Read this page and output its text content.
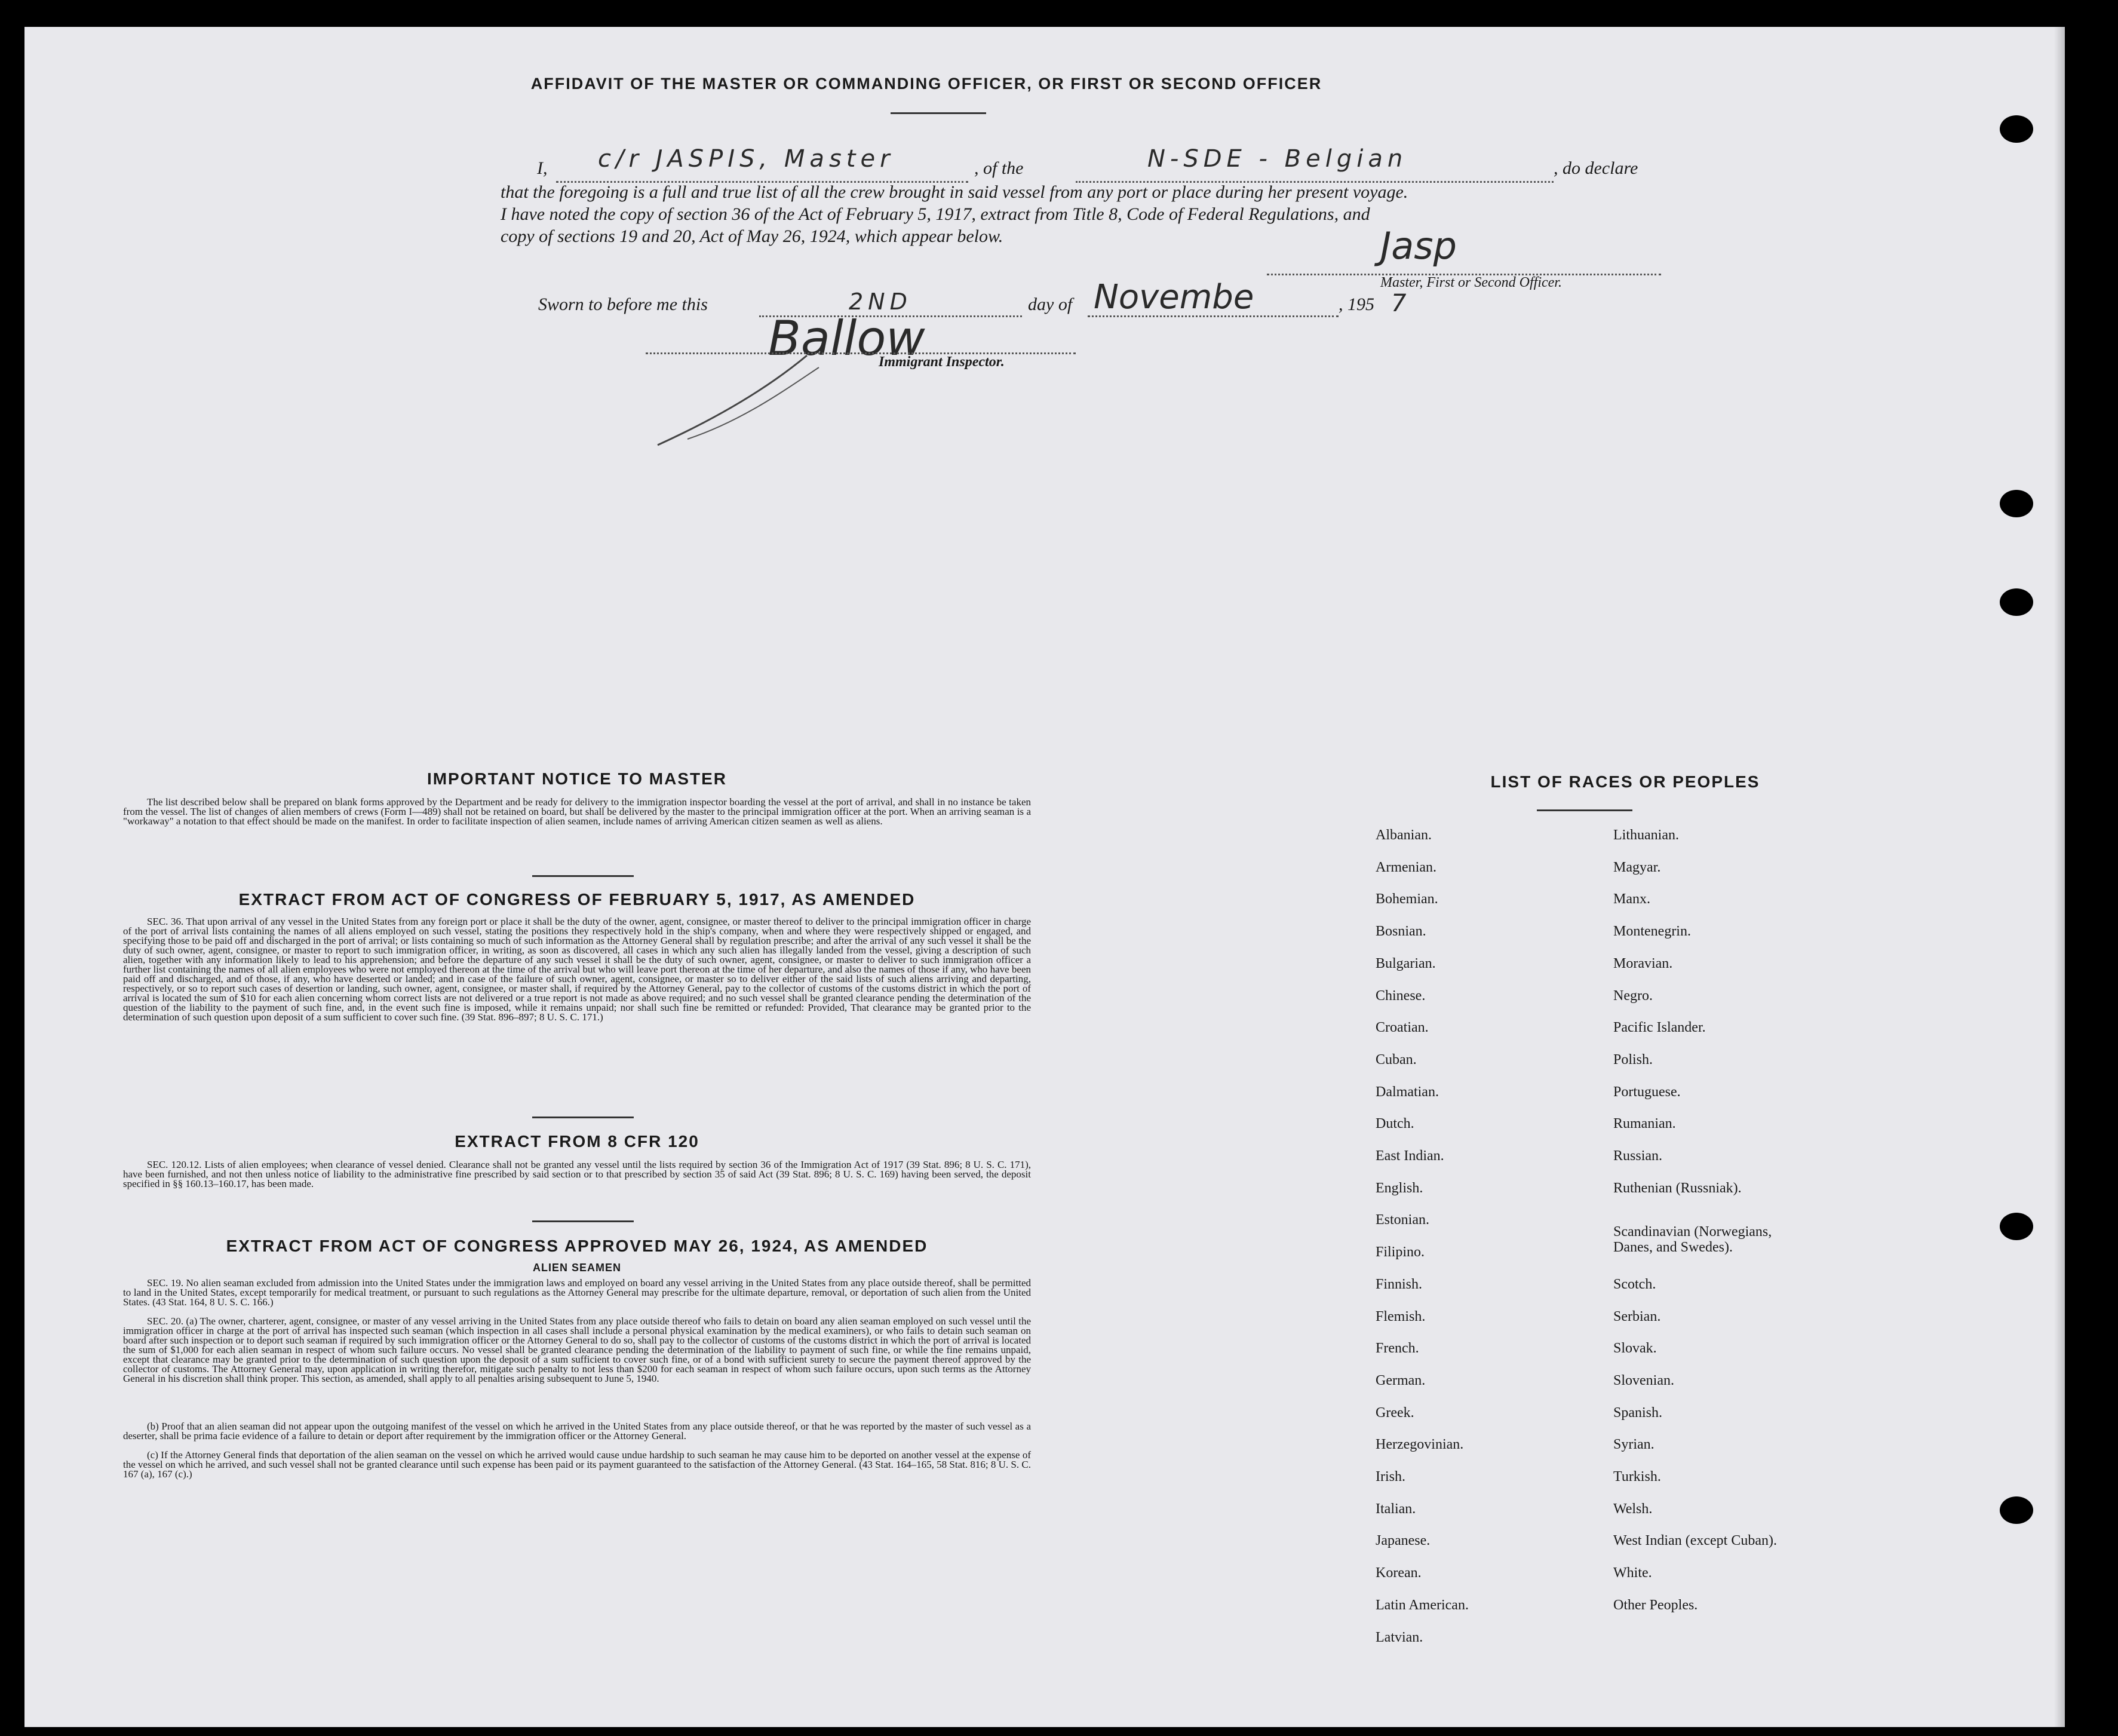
AFFIDAVIT OF THE MASTER OR COMMANDING OFFICER, OR FIRST OR SECOND OFFICER
I, c/r JASPIS, Master	, of the	N-SDE - Belgian	, do declare
that the foregoing is a full and true list of all the crew brought in said vessel from any port or place during her present voyage.
I have noted the copy of section 36 of the Act of February 5, 1917, extract from Title 8, Code of Federal Regulations, and
copy of sections 19 and 20, Act of May 26, 1924, which appear below.	Jasp
Master, First or Second Officer.
Sworn to before me this	2ND	day of Novembe	, 195 7
Ballow
Immigrant Inspector.
IMPORTANT NOTICE TO MASTER
The list described below shall be prepared on blank forms approved by the Department and be ready for delivery to the immigration inspector boarding the vessel at the port of arrival, and shall in no instance be taken from the vessel. The list of changes of alien members of crews (Form I—489) shall not be retained on board, but shall be delivered by the master to the principal immigration officer at the port. When an arriving seaman is a "workaway" a notation to that effect should be made on the manifest. In order to facilitate inspection of alien seamen, include names of arriving American citizen seamen as well as aliens.
EXTRACT FROM ACT OF CONGRESS OF FEBRUARY 5, 1917, AS AMENDED
SEC. 36. That upon arrival of any vessel in the United States from any foreign port or place it shall be the duty of the owner, agent, consignee, or master thereof to deliver to the principal immigration officer in charge of the port of arrival lists containing the names of all aliens employed on such vessel, stating the positions they respectively hold in the ship's company, when and where they were respectively shipped or engaged, and specifying those to be paid off and discharged in the port of arrival; or lists containing so much of such information as the Attorney General shall by regulation prescribe; and after the arrival of any such vessel it shall be the duty of such owner, agent, consignee, or master to report to such immigration officer, in writing, as soon as discovered, all cases in which any such alien has illegally landed from the vessel, giving a description of such alien, together with any information likely to lead to his apprehension; and before the departure of any such vessel it shall be the duty of such owner, agent, consignee, or master to deliver to such immigration officer a further list containing the names of all alien employees who were not employed thereon at the time of the arrival but who will leave port thereon at the time of her departure, and also the names of those if any, who have been paid off and discharged, and of those, if any, who have deserted or landed; and in case of the failure of such owner, agent, consignee, or master so to deliver either of the said lists of such aliens arriving and departing, respectively, or so to report such cases of desertion or landing, such owner, agent, consignee, or master shall, if required by the Attorney General, pay to the collector of customs of the customs district in which the port of arrival is located the sum of $10 for each alien concerning whom correct lists are not delivered or a true report is not made as above required; and no such vessel shall be granted clearance pending the determination of the question of the liability to the payment of such fine, and, in the event such fine is imposed, while it remains unpaid; nor shall such fine be remitted or refunded: Provided, That clearance may be granted prior to the determination of such question upon deposit of a sum sufficient to cover such fine. (39 Stat. 896–897; 8 U. S. C. 171.)
EXTRACT FROM 8 CFR 120
SEC. 120.12. Lists of alien employees; when clearance of vessel denied. Clearance shall not be granted any vessel until the lists required by section 36 of the Immigration Act of 1917 (39 Stat. 896; 8 U. S. C. 171), have been furnished, and not then unless notice of liability to the administrative fine prescribed by said section or to that prescribed by section 35 of said Act (39 Stat. 896; 8 U. S. C. 169) having been served, the deposit specified in §§ 160.13–160.17, has been made.
EXTRACT FROM ACT OF CONGRESS APPROVED MAY 26, 1924, AS AMENDED
ALIEN SEAMEN
SEC. 19. No alien seaman excluded from admission into the United States under the immigration laws and employed on board any vessel arriving in the United States from any place outside thereof, shall be permitted to land in the United States, except temporarily for medical treatment, or pursuant to such regulations as the Attorney General may prescribe for the ultimate departure, removal, or deportation of such alien from the United States. (43 Stat. 164, 8 U. S. C. 166.)
SEC. 20. (a) The owner, charterer, agent, consignee, or master of any vessel arriving in the United States from any place outside thereof who fails to detain on board any alien seaman employed on such vessel until the immigration officer in charge at the port of arrival has inspected such seaman (which inspection in all cases shall include a personal physical examination by the medical examiners), or who fails to detain such seaman on board after such inspection or to deport such seaman if required by such immigration officer or the Attorney General to do so, shall pay to the collector of customs of the customs district in which the port of arrival is located the sum of $1,000 for each alien seaman in respect of whom such failure occurs. No vessel shall be granted clearance pending the determination of the liability to payment of such fine, or while the fine remains unpaid, except that clearance may be granted prior to the determination of such question upon the deposit of a sum sufficient to cover such fine, or of a bond with sufficient surety to secure the payment thereof approved by the collector of customs. The Attorney General may, upon application in writing therefor, mitigate such penalty to not less than $200 for each seaman in respect of whom such failure occurs, upon such terms as the Attorney General in his discretion shall think proper. This section, as amended, shall apply to all penalties arising subsequent to June 5, 1940.
(b) Proof that an alien seaman did not appear upon the outgoing manifest of the vessel on which he arrived in the United States from any place outside thereof, or that he was reported by the master of such vessel as a deserter, shall be prima facie evidence of a failure to detain or deport after requirement by the immigration officer or the Attorney General.
(c) If the Attorney General finds that deportation of the alien seaman on the vessel on which he arrived would cause undue hardship to such seaman he may cause him to be deported on another vessel at the expense of the vessel on which he arrived, and such vessel shall not be granted clearance until such expense has been paid or its payment guaranteed to the satisfaction of the Attorney General. (43 Stat. 164–165, 58 Stat. 816; 8 U. S. C. 167 (a), 167 (c).)
LIST OF RACES OR PEOPLES
Albanian.
Armenian.
Bohemian.
Bosnian.
Bulgarian.
Chinese.
Croatian.
Cuban.
Dalmatian.
Dutch.
East Indian.
English.
Estonian.
Filipino.
Finnish.
Flemish.
French.
German.
Greek.
Herzegovinian.
Irish.
Italian.
Japanese.
Korean.
Latin American.
Latvian.
Lithuanian.
Magyar.
Manx.
Montenegrin.
Moravian.
Negro.
Pacific Islander.
Polish.
Portuguese.
Rumanian.
Russian.
Ruthenian (Russniak).
Scandinavian (Norwegians,
Danes, and Swedes).
Scotch.
Serbian.
Slovak.
Slovenian.
Spanish.
Syrian.
Turkish.
Welsh.
West Indian (except Cuban).
White.
Other Peoples.
